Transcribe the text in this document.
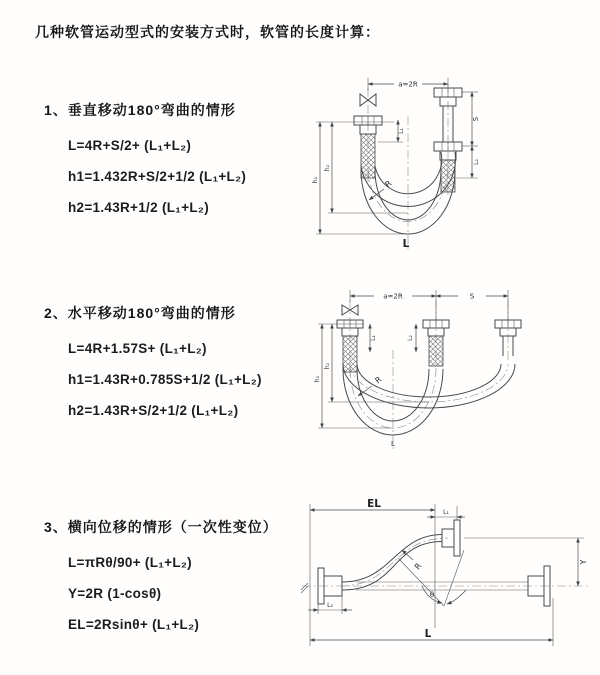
几种软管运动型式的安装方式时，软管的长度计算：
1、垂直移动180°弯曲的情形
L=4R+S/2+ (L₁+L₂)
h1=1.432R+S/2+1/2 (L₁+L₂)
h2=1.43R+1/2 (L₁+L₂)
2、水平移动180°弯曲的情形
L=4R+1.57S+ (L₁+L₂)
h1=1.43R+0.785S+1/2 (L₁+L₂)
h2=1.43R+S/2+1/2 (L₁+L₂)
3、横向位移的情形（一次性变位）
L=πRθ/90+ (L₁+L₂)
Y=2R (1-cosθ)
EL=2Rsinθ+ (L₁+L₂)
a=2R
h₁
h₂
L₁
S
L₂
R
L
a=2R	S
L₁	L₂
h₁
h₂
R
L
EL
L₁
Y
θ
R
L₂
L
